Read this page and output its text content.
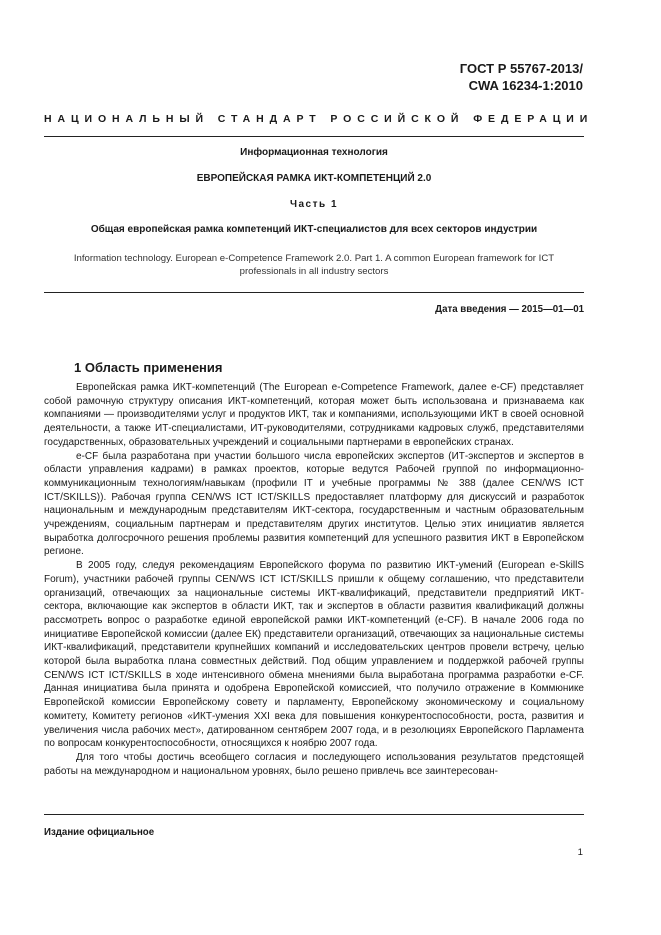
ГОСТ Р 55767-2013/
CWA 16234-1:2010
НАЦИОНАЛЬНЫЙ СТАНДАРТ РОССИЙСКОЙ ФЕДЕРАЦИИ
Информационная технология
ЕВРОПЕЙСКАЯ РАМКА ИКТ-КОМПЕТЕНЦИЙ 2.0
Часть 1
Общая европейская рамка компетенций ИКТ-специалистов для всех секторов индустрии
Information technology. European e-Competence Framework 2.0. Part 1. A common European framework for ICT
professionals in all industry sectors
Дата введения — 2015—01—01
1 Область применения

Европейская рамка ИКТ-компетенций (The European e-Competence Framework, далее e-CF) представляет собой рамочную структуру описания ИКТ-компетенций, которая может быть использована и признаваема как компаниями — производителями услуг и продуктов ИКТ, так и компаниями, использующими ИКТ в своей основной деятельности, а также ИТ-специалистами, ИТ-руководителями, сотрудниками кадровых служб, представителями государственных, образовательных учреждений и социальными партнерами в европейских странах.

e-CF была разработана при участии большого числа европейских экспертов (ИТ-экспертов и экспертов в области управления кадрами) в рамках проектов, которые ведутся Рабочей группой по информационно-коммуникационным технологиям/навыкам (профили IT и учебные программы № 388 (далее CEN/WS ICT ICT/SKILLS)). Рабочая группа CEN/WS ICT ICT/SKILLS предоставляет платформу для дискуссий и разработок национальным и международным представителям ИКТ-сектора, государственным и частным образовательным учреждениям, социальным партнерам и представителям других институтов. Целью этих инициатив является выработка долгосрочного решения проблемы развития компетенций для успешного развития ИКТ в Европейском регионе.

В 2005 году, следуя рекомендациям Европейского форума по развитию ИКТ-умений (European e-SkillS Forum), участники рабочей группы CEN/WS ICT ICT/SKILLS пришли к общему соглашению, что представители организаций, отвечающих за национальные системы ИКТ-квалификаций, представители предприятий ИКТ-сектора, включающие как экспертов в области ИКТ, так и экспертов в области развития квалификаций должны рассмотреть вопрос о разработке единой европейской рамки ИКТ-компетенций (e-CF). В начале 2006 года по инициативе Европейской комиссии (далее ЕК) представители организаций, отвечающих за национальные системы ИКТ-квалификаций, представители крупнейших компаний и исследовательских центров провели встречу, целью которой была выработка плана совместных действий. Под общим управлением и поддержкой рабочей группы CEN/WS ICT ICT/SKILLS в ходе интенсивного обмена мнениями была выработана программа разработки e-CF. Данная инициатива была принята и одобрена Европейской комиссией, что получило отражение в Коммюнике Европейской комиссии Европейскому совету и парламенту, Европейскому экономическому и социальному комитету, Комитету регионов «ИКТ-умения XXI века для повышения конкурентоспособности, роста, развития и увеличения числа рабочих мест», датированном сентябрем 2007 года, и в резолюциях Европейского Парламента по вопросам конкурентоспособности, относящихся к ноябрю 2007 года.

Для того чтобы достичь всеобщего согласия и последующего использования результатов предстоящей работы на международном и национальном уровнях, было решено привлечь все заинтересован-

Издание официальное
1
